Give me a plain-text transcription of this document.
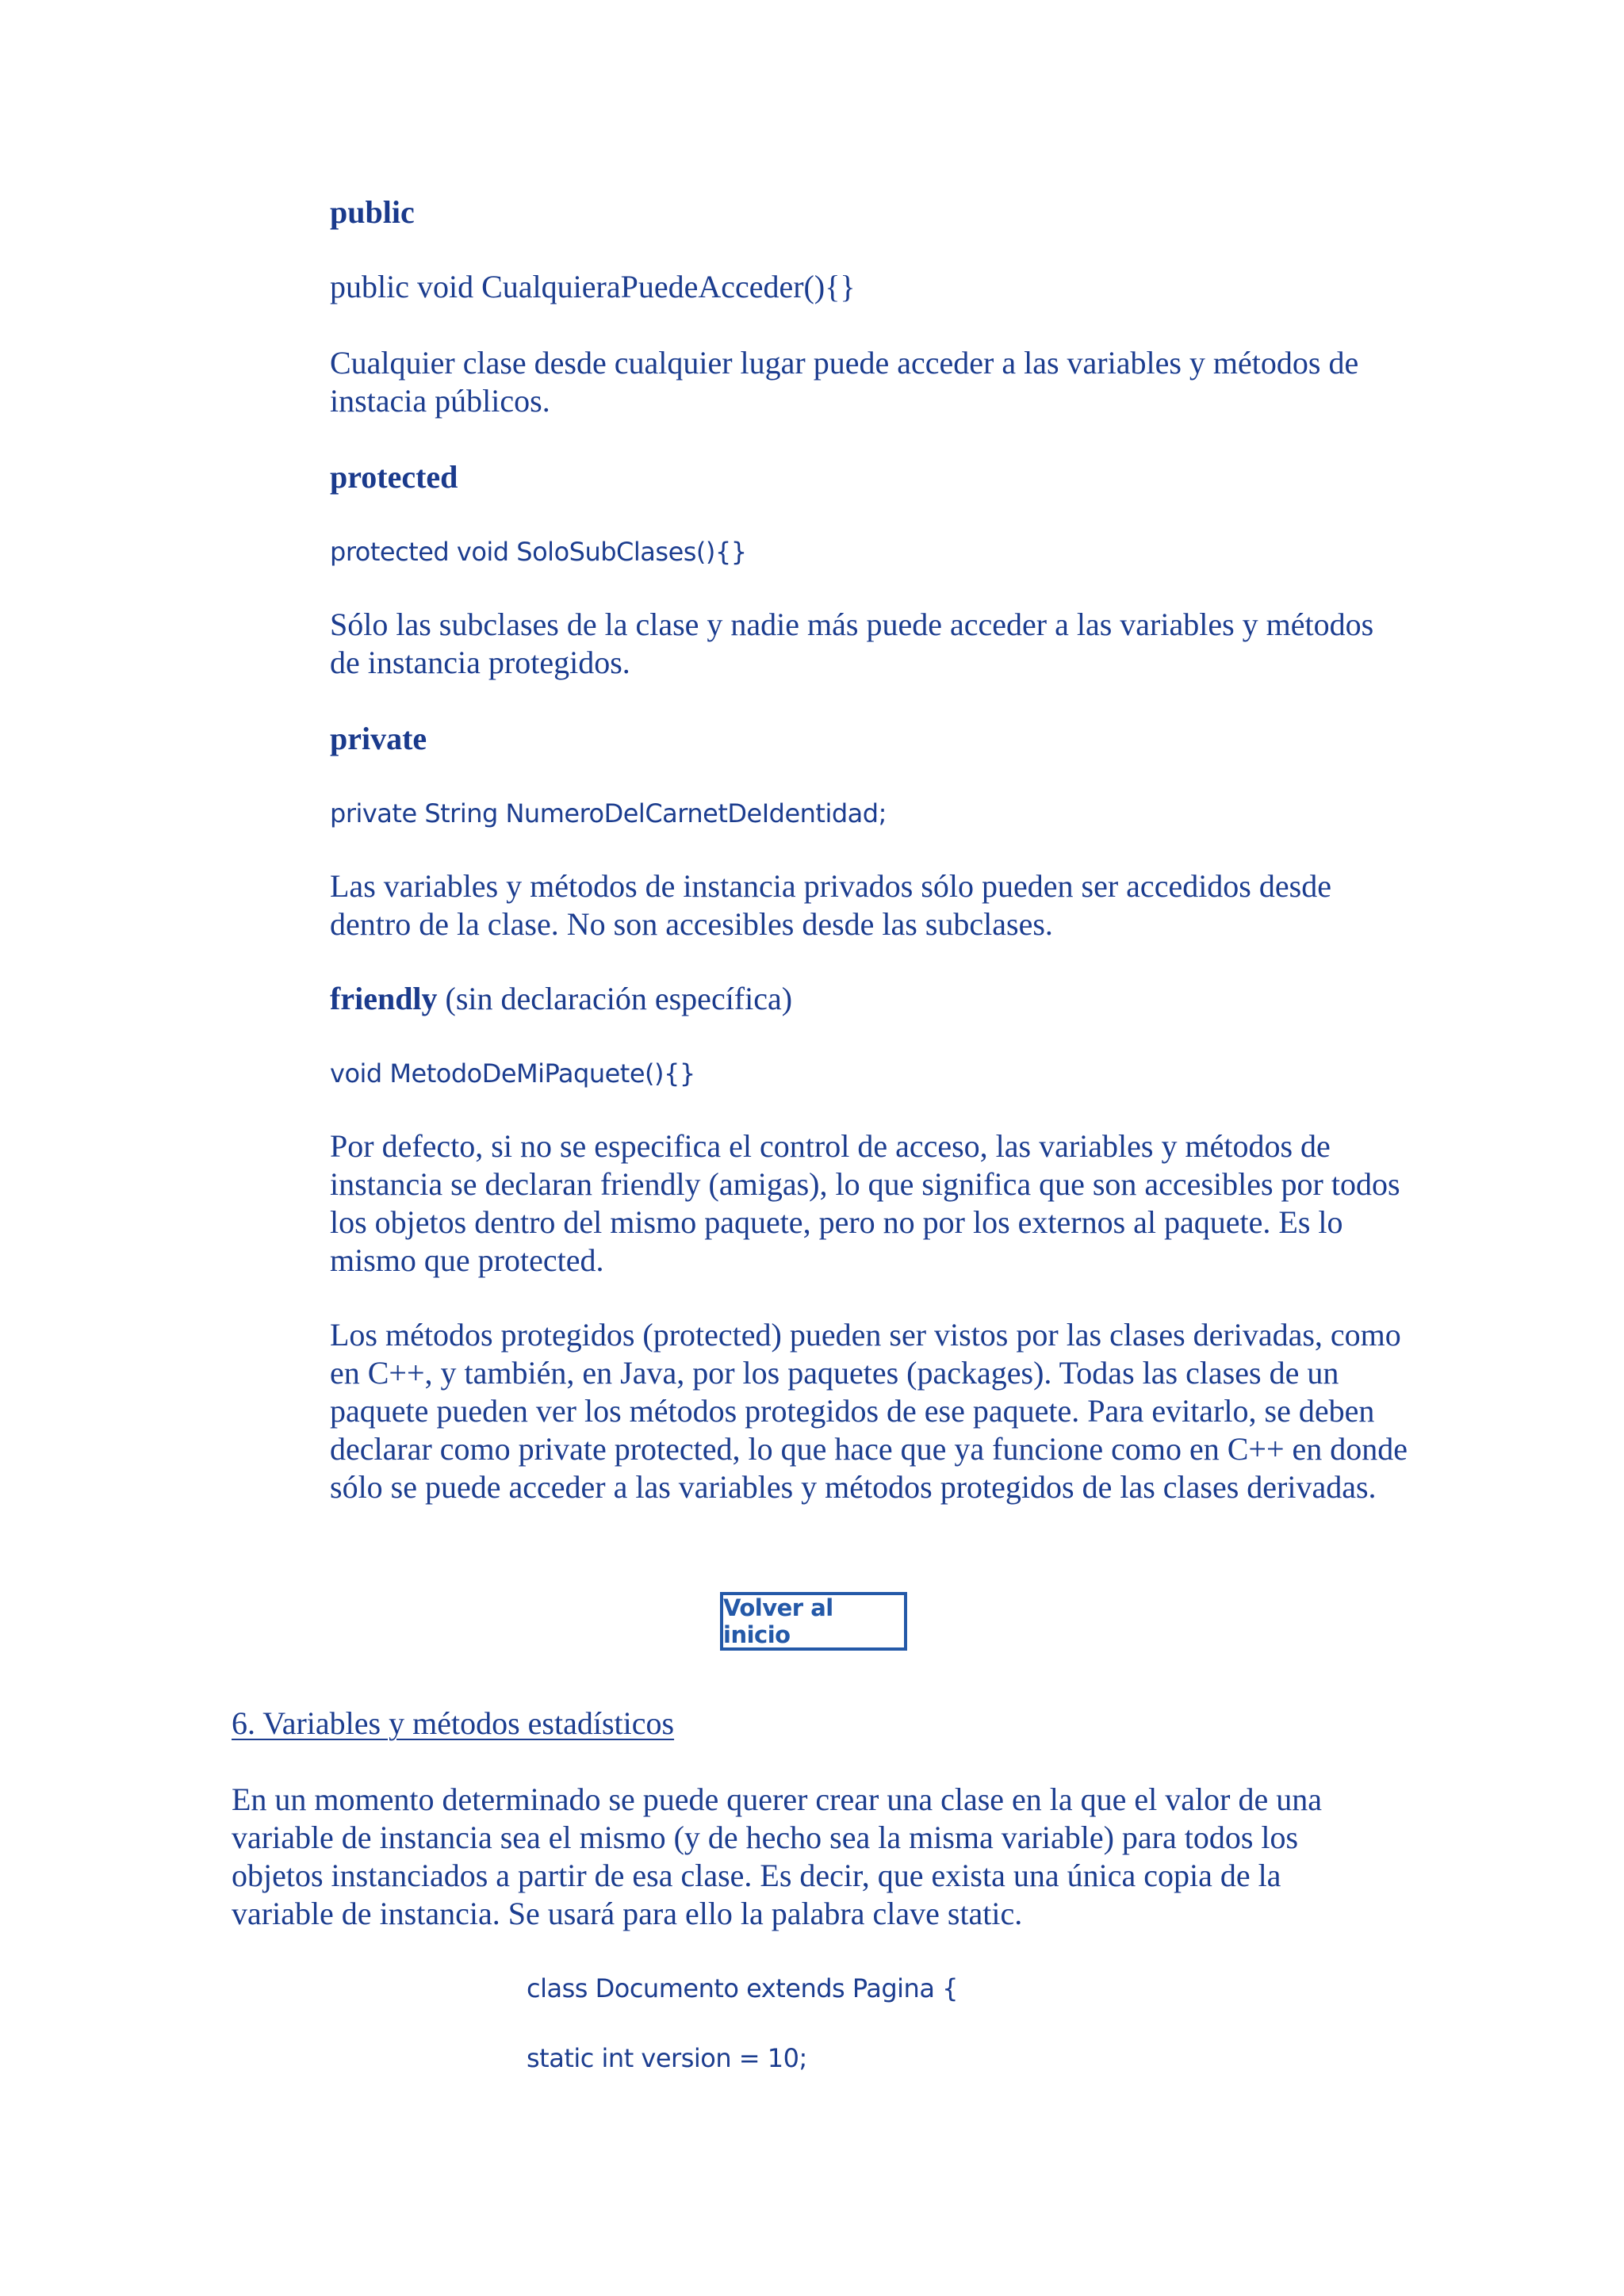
public
public void CualquieraPuedeAcceder(){}

Cualquier clase desde cualquier lugar puede acceder a las variables y métodos de instacia públicos.

protected
protected void SoloSubClases(){}

Sólo las subclases de la clase y nadie más puede acceder a las variables y métodos de instancia protegidos.

private
private String NumeroDelCarnetDeIdentidad;

Las variables y métodos de instancia privados sólo pueden ser accedidos desde dentro de la clase. No son accesibles desde las subclases.

friendly (sin declaración específica)
void MetodoDeMiPaquete(){}

Por defecto, si no se especifica el control de acceso, las variables y métodos de instancia se declaran friendly (amigas), lo que significa que son accesibles por todos los objetos dentro del mismo paquete, pero no por los externos al paquete. Es lo mismo que protected.

Los métodos protegidos (protected) pueden ser vistos por las clases derivadas, como en C++, y también, en Java, por los paquetes (packages). Todas las clases de un paquete pueden ver los métodos protegidos de ese paquete. Para evitarlo, se deben declarar como private protected, lo que hace que ya funcione como en C++ en donde sólo se puede acceder a las variables y métodos protegidos de las clases derivadas.

Volver al inicio
6. Variables y métodos estadísticos

En un momento determinado se puede querer crear una clase en la que el valor de una variable de instancia sea el mismo (y de hecho sea la misma variable) para todos los objetos instanciados a partir de esa clase. Es decir, que exista una única copia de la variable de instancia. Se usará para ello la palabra clave static.

class Documento extends Pagina {
static int version = 10;
